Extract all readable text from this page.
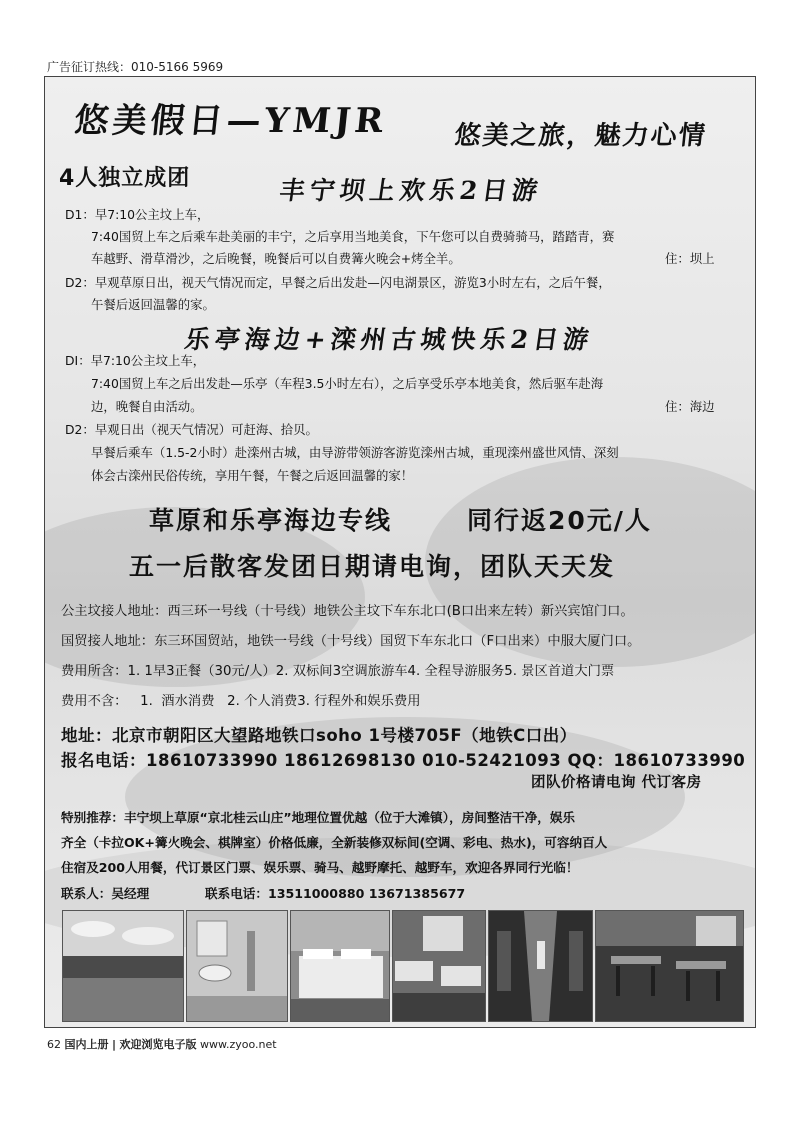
广告征订热线：010-5166 5969
悠美假日—YMJR 悠美之旅，魅力心情
4人独立成团	丰宁坝上欢乐2日游
D1：早7:10公主坟上车，
7:40国贸上车之后乘车赴美丽的丰宁，之后享用当地美食，下午您可以自费骑骑马，踏踏青，赛
车越野、滑草滑沙，之后晚餐，晚餐后可以自费篝火晚会+烤全羊。	住：坝上
D2：早观草原日出，视天气情况而定，早餐之后出发赴—闪电湖景区，游览3小时左右，之后午餐，
午餐后返回温馨的家。
乐亭海边+滦州古城快乐2日游
DI：早7:10公主坟上车，
7:40国贸上车之后出发赴—乐亭（车程3.5小时左右），之后享受乐亭本地美食，然后驱车赴海
边，晚餐自由活动。	住：海边
D2：早观日出（视天气情况）可赶海、拾贝。
早餐后乘车（1.5-2小时）赴滦州古城，由导游带领游客游览滦州古城，重现滦州盛世风情、深刻
体会古滦州民俗传统，享用午餐，午餐之后返回温馨的家！
草原和乐亭海边专线	同行返20元/人
五一后散客发团日期请电询，团队天天发
公主坟接人地址：西三环一号线（十号线）地铁公主坟下车东北口(B口出来左转）新兴宾馆门口。
国贸接人地址：东三环国贸站，地铁一号线（十号线）国贸下车东北口（F口出来）中服大厦门口。
费用所含：1. 1早3正餐（30元/人）2. 双标间3空调旅游车4. 全程导游服务5. 景区首道大门票
费用不含：   1.  酒水消费   2. 个人消费3. 行程外和娱乐费用
地址：北京市朝阳区大望路地铁口soho 1号楼705F（地铁C口出）
报名电话：18610733990 18612698130 010-52421093 QQ：18610733990
团队价格请电询 代订客房
特别推荐：丰宁坝上草原“京北桂云山庄”地理位置优越（位于大滩镇），房间整洁干净，娱乐
齐全（卡拉OK+篝火晚会、棋牌室）价格低廉，全新装修双标间(空调、彩电、热水)，可容纳百人
住宿及200人用餐，代订景区门票、娱乐票、骑马、越野摩托、越野车，欢迎各界同行光临！
联系人：吴经理	联系电话：13511000880 13671385677
62 国内上册 | 欢迎浏览电子版 www.zyoo.net
